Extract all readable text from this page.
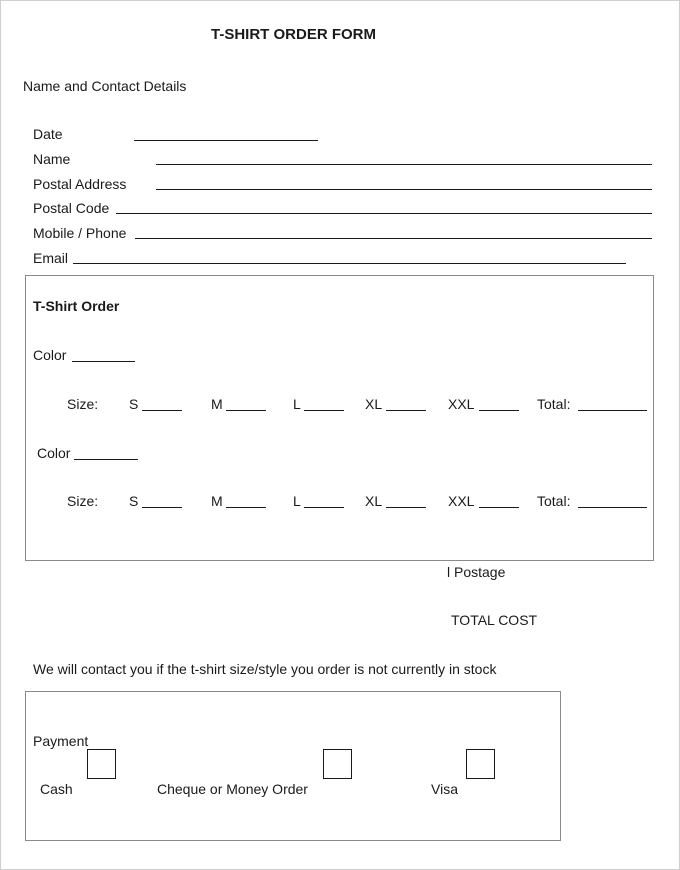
T-SHIRT ORDER FORM
Name and Contact Details
Date
Name
Postal Address
Postal Code
Mobile / Phone
Email
T-Shirt Order
Color
Size: S	M	L	XL	XXL	Total:
Color
Size: S	M	L	XL	XXL	Total:
l Postage
TOTAL COST
We will contact you if the t-shirt size/style you order is not currently in stock
Payment
Cash	Cheque or Money Order	Visa
